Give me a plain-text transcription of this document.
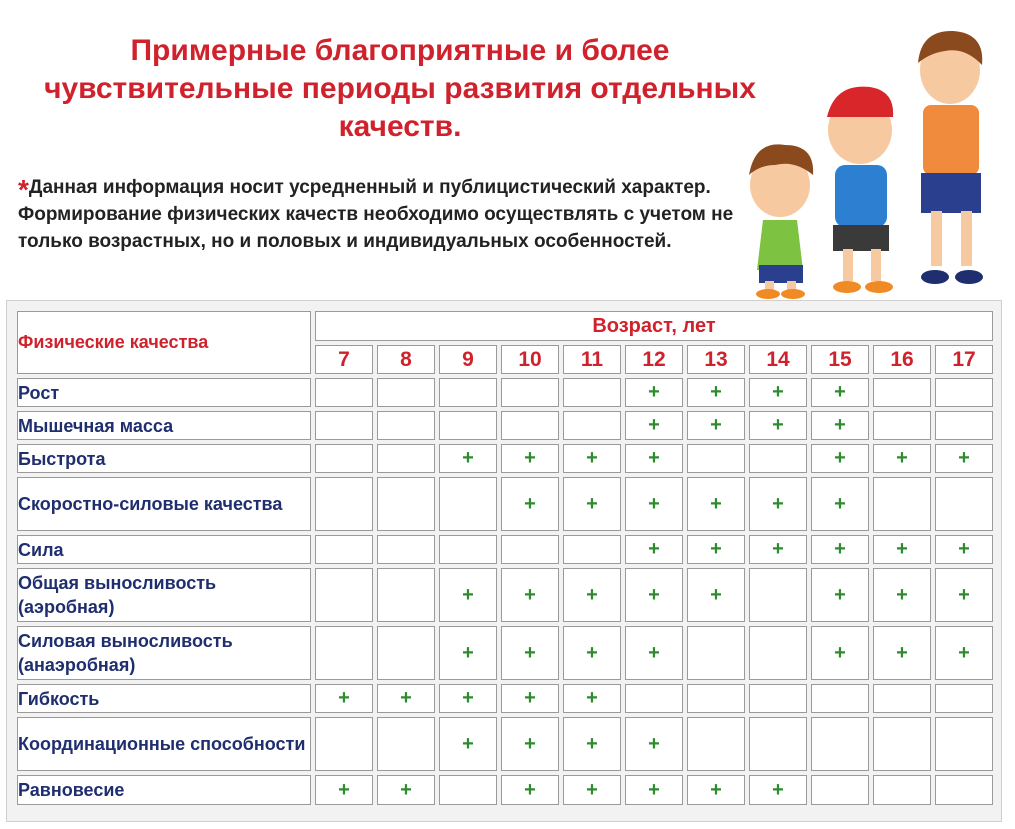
Примерные благоприятные и более чувствительные периоды развития отдельных качеств.
*Данная информация носит усредненный и публицистический характер. Формирование физических качеств необходимо осуществлять с учетом не только возрастных, но и половых и индивидуальных особенностей.
Физические качества	Возраст, лет										
	7	8	9	10	11	12	13	14	15	16	17
Рост						+	+	+	+		
Мышечная масса						+	+	+	+		
Быстрота			+	+	+	+			+	+	+
Скоростно-силовые качества				+	+	+	+	+	+		
Сила						+	+	+	+	+	+
Общая выносливость (аэробная)			+	+	+	+	+		+	+	+
Силовая выносливость (анаэробная)			+	+	+	+			+	+	+
Гибкость	+	+	+	+	+						
Координационные способности			+	+	+	+					
Равновесие	+	+		+	+	+	+	+			
